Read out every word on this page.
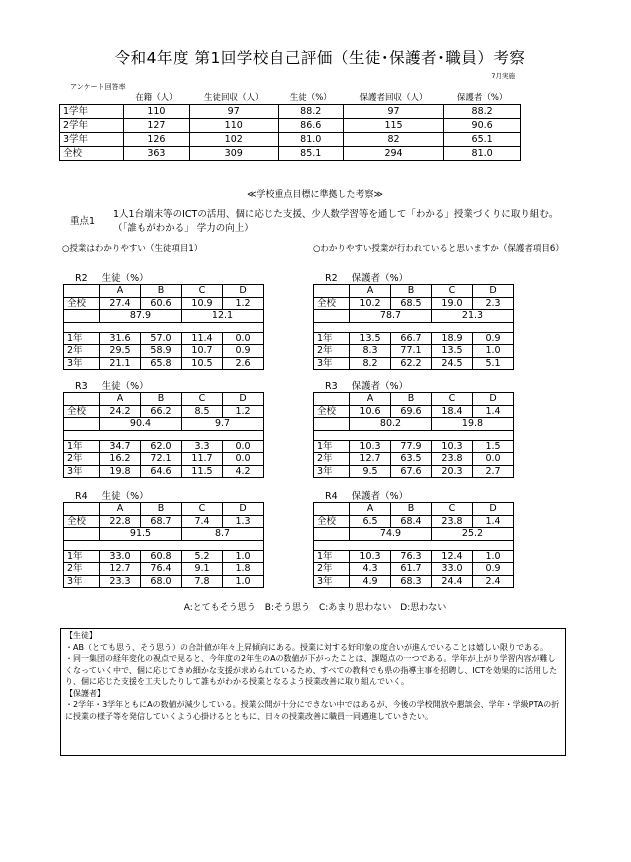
令和4年度 第1回学校自己評価（生徒･保護者･職員）考察
7月実施
アンケート回答率
	在籍（人）	生徒回収（人）	生徒（%）	保護者回収（人）	保護者（%）
1学年	110	97	88.2	97	88.2
2学年	127	110	86.6	115	90.6
3学年	126	102	81.0	82	65.1
全校	363	309	85.1	294	81.0
≪学校重点目標に準拠した考察≫
重点1
1人1台端末等のICTの活用、個に応じた支援、少人数学習等を通して「わかる」授業づくりに取り組む。（「誰もがわかる」 学力の向上）
○授業はわかりやすい（生徒項目1）	○わかりやすい授業が行われていると思いますか（保護者項目6）
R2 生徒（%）
	A	B	C	D
全校	27.4	60.6	10.9	1.2
	87.9		12.1	

1年	31.6	57.0	11.4	0.0
2年	29.5	58.9	10.7	0.9
3年	21.1	65.8	10.5	2.6
R3 生徒（%）
	A	B	C	D
全校	24.2	66.2	8.5	1.2
	90.4		9.7	

1年	34.7	62.0	3.3	0.0
2年	16.2	72.1	11.7	0.0
3年	19.8	64.6	11.5	4.2
R4 生徒（%）
	A	B	C	D
全校	22.8	68.7	7.4	1.3
	91.5		8.7	

1年	33.0	60.8	5.2	1.0
2年	12.7	76.4	9.1	1.8
3年	23.3	68.0	7.8	1.0
R2 保護者（%）
	A	B	C	D
全校	10.2	68.5	19.0	2.3
	78.7		21.3	

1年	13.5	66.7	18.9	0.9
2年	8.3	77.1	13.5	1.0
3年	8.2	62.2	24.5	5.1
R3 保護者（%）
	A	B	C	D
全校	10.6	69.6	18.4	1.4
	80.2		19.8	

1年	10.3	77.9	10.3	1.5
2年	12.7	63.5	23.8	0.0
3年	9.5	67.6	20.3	2.7
R4 保護者（%）
	A	B	C	D
全校	6.5	68.4	23.8	1.4
	74.9		25.2	

1年	10.3	76.3	12.4	1.0
2年	4.3	61.7	33.0	0.9
3年	4.9	68.3	24.4	2.4
A:とてもそう思う　B:そう思う　C:あまり思わない　D:思わない

【生徒】

・AB（とても思う、そう思う）の合計値が年々上昇傾向にある。授業に対する好印象の度合いが進んでいることは嬉しい限りである。

・同一集団の経年変化の視点で見ると、今年度の2年生のAの数値が下がったことは、課題点の一つである。学年が上がり学習内容が難しくなっていく中で、個に応じてきめ細かな支援が求められているため、すべての教科でも県の指導主事を招聘し、ICTを効果的に活用したり、個に応じた支援を工夫したりして誰もがわかる授業となるよう授業改善に取り組んでいく。

【保護者】

・2学年・3学年ともにAの数値が減少している。授業公開が十分にできない中ではあるが、今後の学校開放や懇談会、学年・学級PTAの折に授業の様子等を発信していくよう心掛けるとともに、日々の授業改善に職員一同邁進していきたい。
